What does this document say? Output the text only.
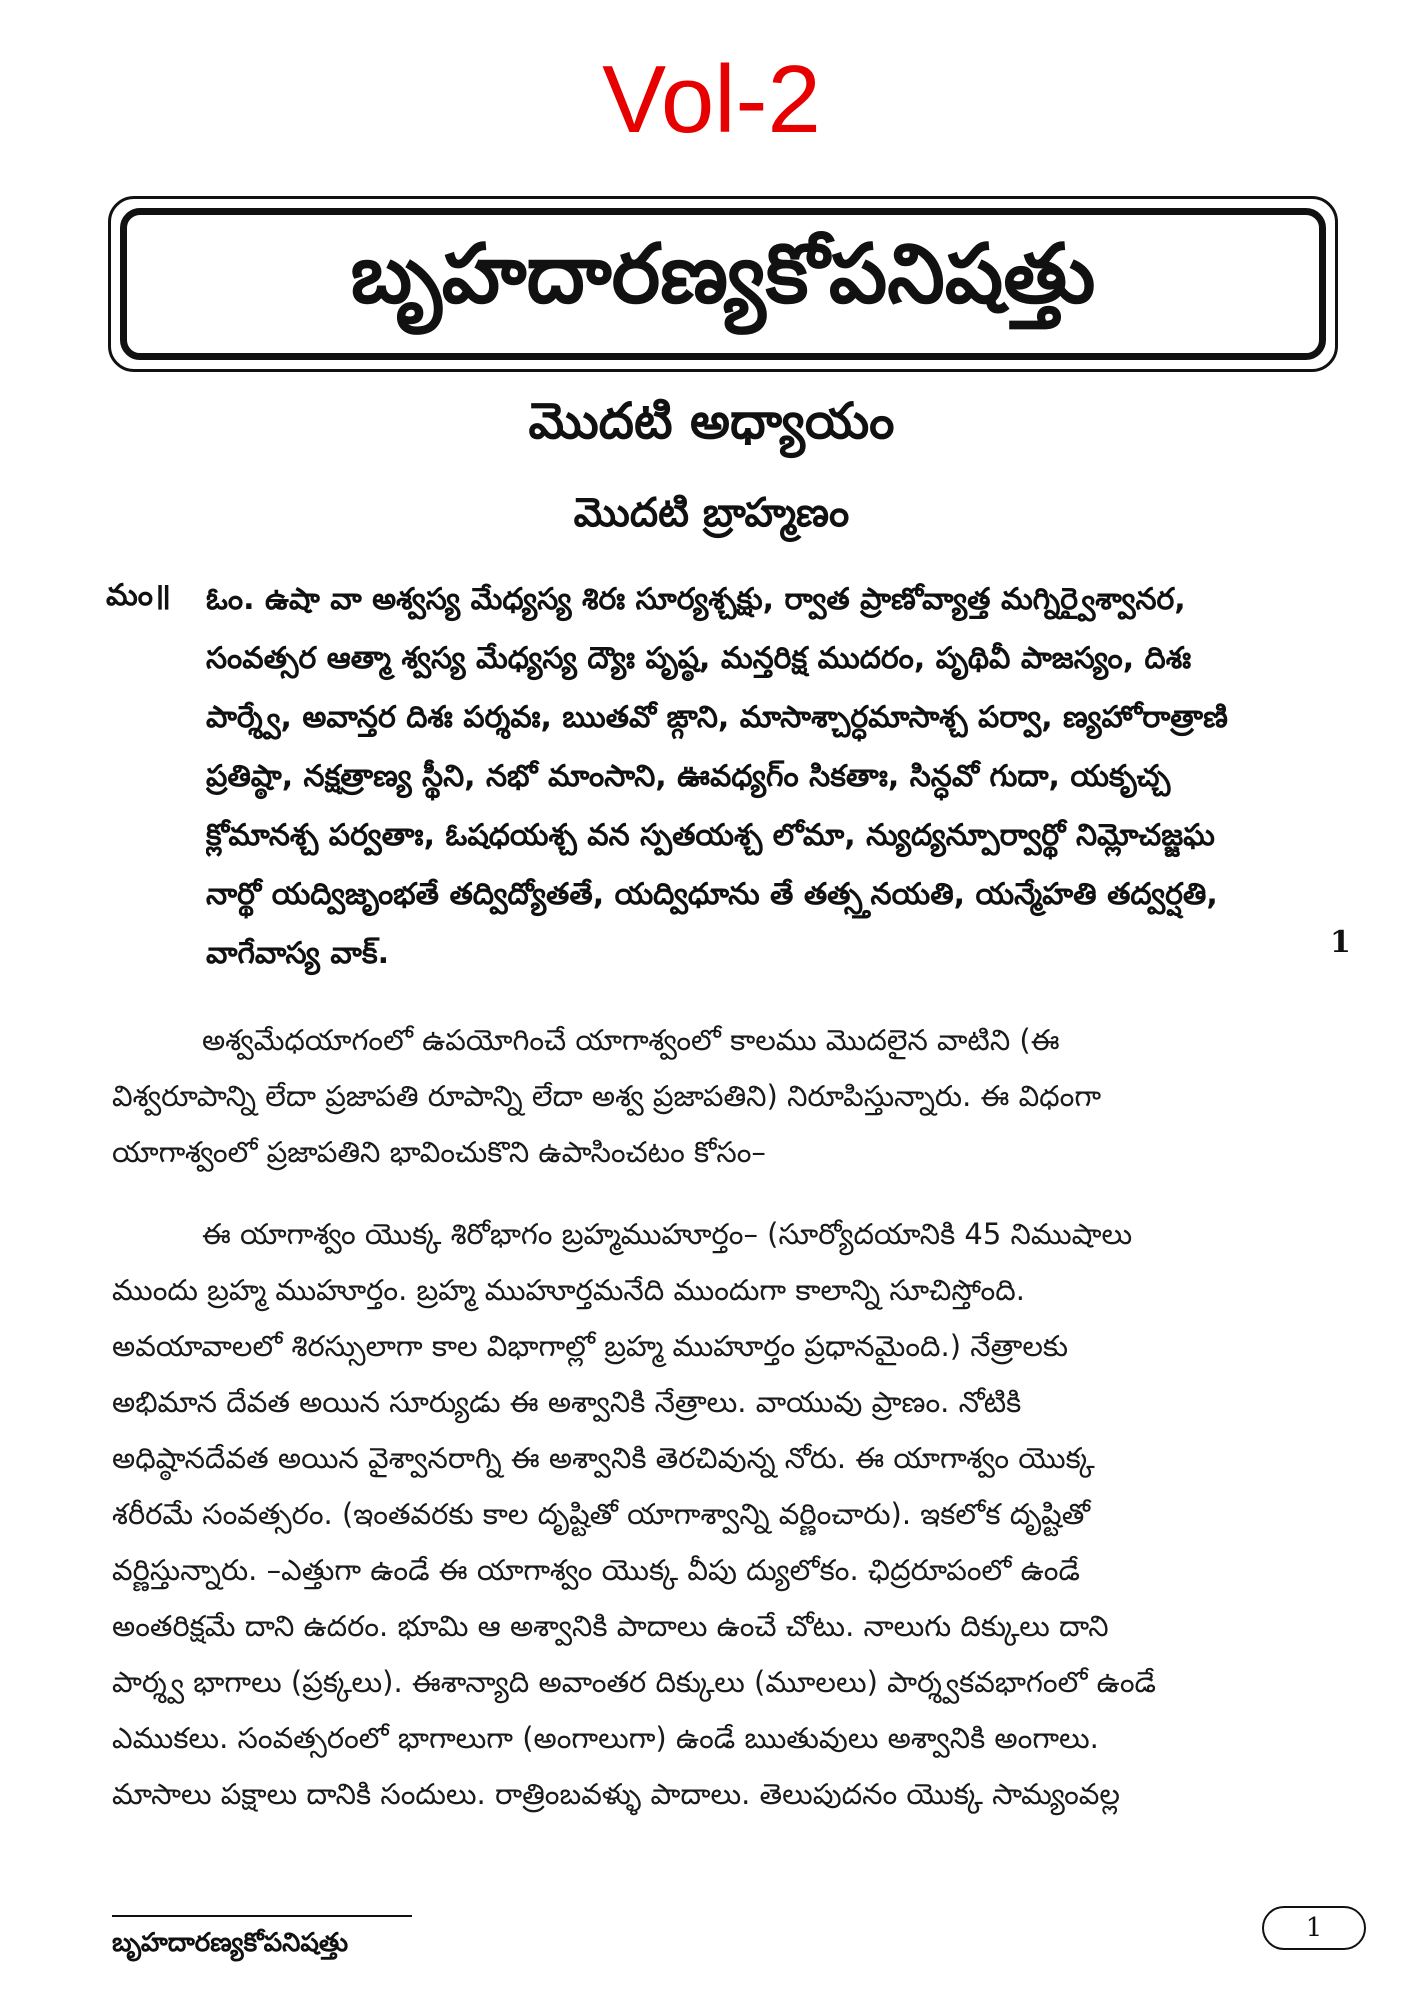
Vol-2
బృహదారణ్యకోపనిషత్తు
మొదటి అధ్యాయం
మొదటి బ్రాహ్మణం
మం॥ ఓం. ఉషా వా అశ్వస్య మేధ్యస్య శిరః సూర్యశ్చక్షు, ర్వాత ప్రాణోవ్యాత్త మగ్నిర్వైశ్వానర,
సంవత్సర ఆత్మా శ్వస్య మేధ్యస్య ద్యౌః పృష్ఠ, మన్తరిక్ష ముదరం, పృథివీ పాజస్యం, దిశః
పార్శ్వే, అవాన్తర దిశః పర్శవః, ఋతవో ఙ్గాని, మాసాశ్చార్ధమాసాశ్చ పర్వా, ణ్యహోరాత్రాణి
ప్రతిష్ఠా, నక్షత్రాణ్య స్థీని, నభో మాంసాని, ఊవధ్యగ్ం సికతాః, సిన్ధవో గుదా, యకృచ్చ
క్లోమానశ్చ పర్వతాః, ఓషధయశ్చ వన స్పతయశ్చ లోమా, న్యుద్యన్పూర్వార్థో నిమ్లోచజ్జఘ
నార్థో యద్విజృంభతే తద్విద్యోతతే, యద్విధూను తే తత్స్తనయతి, యన్మేహతి తద్వర్షతి,
వాగేవాస్య వాక్.	1
అశ్వమేధయాగంలో ఉపయోగించే యాగాశ్వంలో కాలము మొదలైన వాటిని (ఈ
విశ్వరూపాన్ని లేదా ప్రజాపతి రూపాన్ని లేదా అశ్వ ప్రజాపతిని) నిరూపిస్తున్నారు. ఈ విధంగా
యాగాశ్వంలో ప్రజాపతిని భావించుకొని ఉపాసించటం కోసం–
ఈ యాగాశ్వం యొక్క శిరోభాగం బ్రహ్మముహూర్తం– (సూర్యోదయానికి 45 నిముషాలు
ముందు బ్రహ్మ ముహూర్తం. బ్రహ్మ ముహూర్తమనేది ముందుగా కాలాన్ని సూచిస్తోంది.
అవయావాలలో శిరస్సులాగా కాల విభాగాల్లో బ్రహ్మ ముహూర్తం ప్రధానమైంది.) నేత్రాలకు
అభిమాన దేవత అయిన సూర్యుడు ఈ అశ్వానికి నేత్రాలు. వాయువు ప్రాణం. నోటికి
అధిష్ఠానదేవత అయిన వైశ్వానరాగ్ని ఈ అశ్వానికి తెరచివున్న నోరు. ఈ యాగాశ్వం యొక్క
శరీరమే సంవత్సరం. (ఇంతవరకు కాల దృష్టితో యాగాశ్వాన్ని వర్ణించారు). ఇకలోక దృష్టితో
వర్ణిస్తున్నారు. –ఎత్తుగా ఉండే ఈ యాగాశ్వం యొక్క వీపు ద్యులోకం. ఛిద్రరూపంలో ఉండే
అంతరిక్షమే దాని ఉదరం. భూమి ఆ అశ్వానికి పాదాలు ఉంచే చోటు. నాలుగు దిక్కులు దాని
పార్శ్వ భాగాలు (ప్రక్కలు). ఈశాన్యాది అవాంతర దిక్కులు (మూలలు) పార్శ్వకవభాగంలో ఉండే
ఎముకలు. సంవత్సరంలో భాగాలుగా (అంగాలుగా) ఉండే ఋతువులు అశ్వానికి అంగాలు.
మాసాలు పక్షాలు దానికి సందులు. రాత్రింబవళ్ళు పాదాలు. తెలుపుదనం యొక్క సామ్యంవల్ల
బృహదారణ్యకోపనిషత్తు	1
